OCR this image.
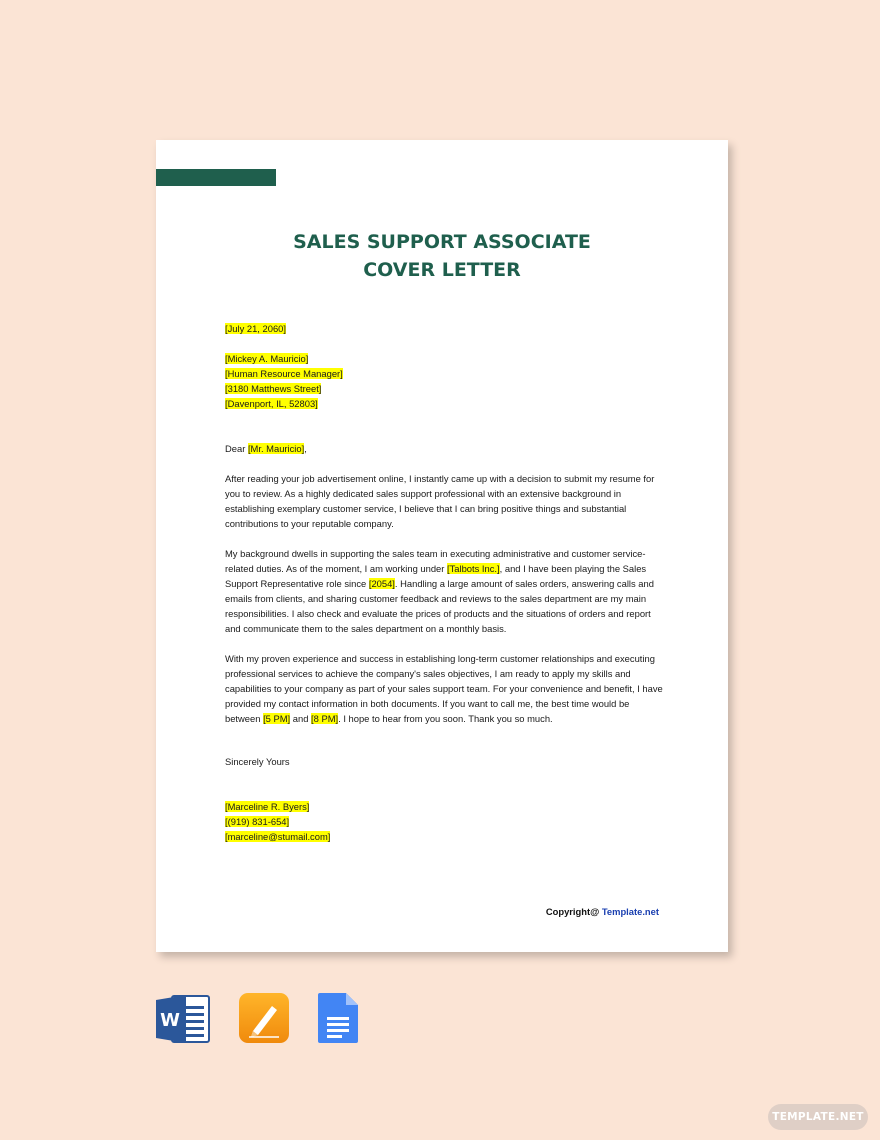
SALES SUPPORT ASSOCIATE
COVER LETTER

[July 21, 2060]

[Mickey A. Mauricio]
[Human Resource Manager]
[3180 Matthews Street]
[Davenport, IL, 52803]

Dear [Mr. Mauricio],

After reading your job advertisement online, I instantly came up with a decision to submit my resume for you to review. As a highly dedicated sales support professional with an extensive background in establishing exemplary customer service, I believe that I can bring positive things and substantial contributions to your reputable company.

My background dwells in supporting the sales team in executing administrative and customer service-related duties. As of the moment, I am working under [Talbots Inc.], and I have been playing the Sales Support Representative role since [2054]. Handling a large amount of sales orders, answering calls and emails from clients, and sharing customer feedback and reviews to the sales department are my main responsibilities. I also check and evaluate the prices of products and the situations of orders and report and communicate them to the sales department on a monthly basis.

With my proven experience and success in establishing long-term customer relationships and executing professional services to achieve the company's sales objectives, I am ready to apply my skills and capabilities to your company as part of your sales support team. For your convenience and benefit, I have provided my contact information in both documents. If you want to call me, the best time would be between [5 PM] and [8 PM]. I hope to hear from you soon. Thank you so much.

Sincerely Yours

[Marceline R. Byers]
[(919) 831-654]
[marceline@stumail.com]
Copyright@ Template.net
W
TEMPLATE.NET
